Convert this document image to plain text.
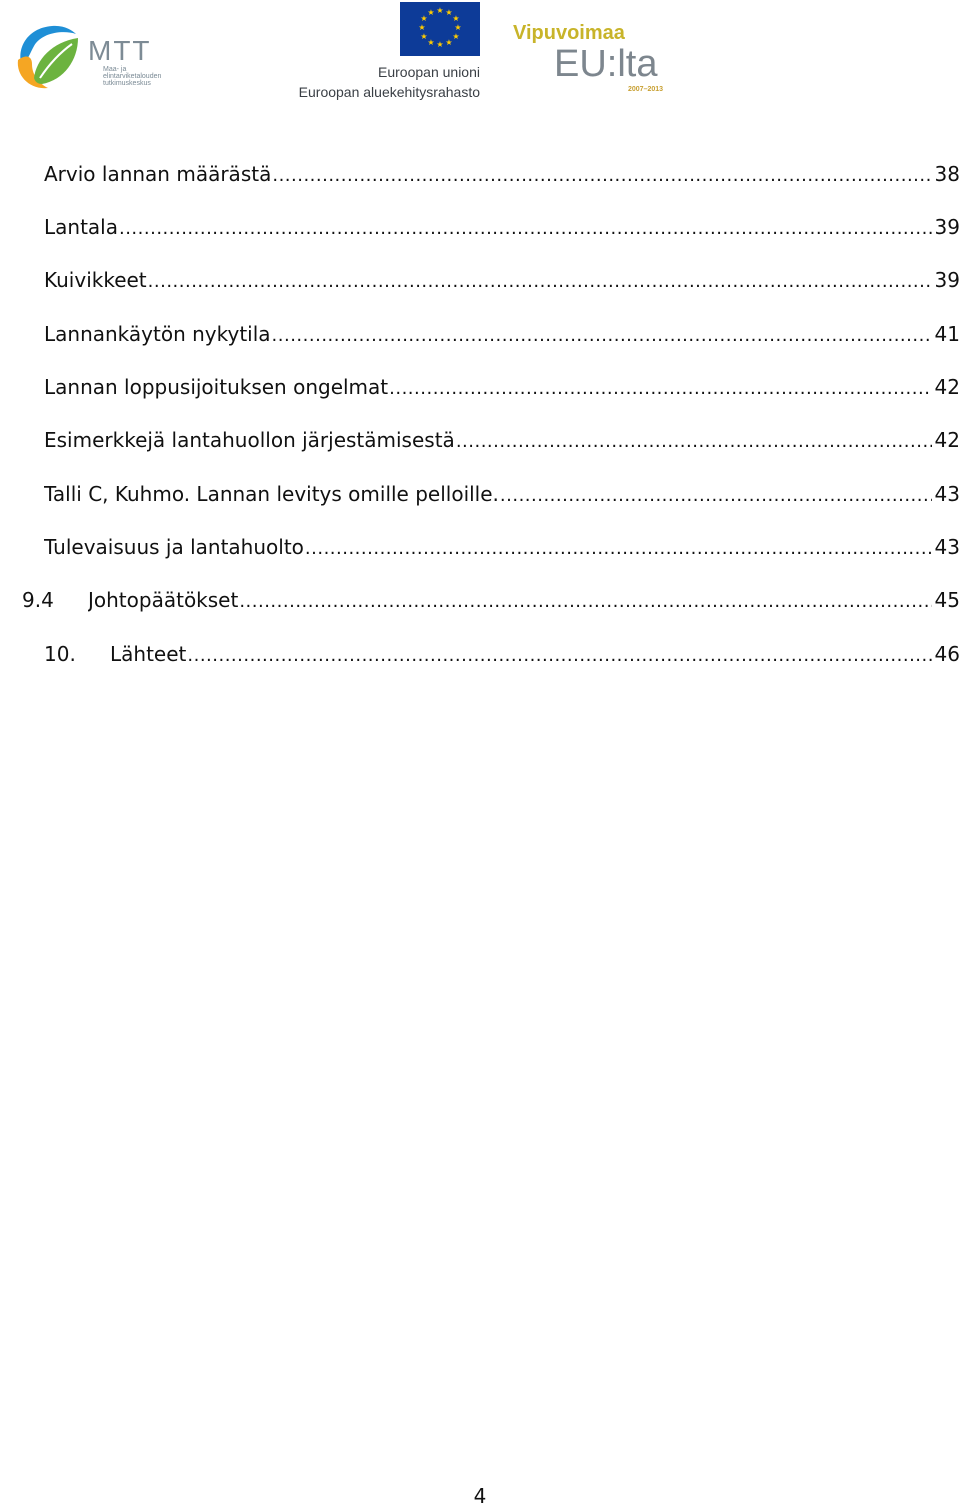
MTT
Maa- ja
elintarviketalouden
tutkimuskeskus
★ ★
★
★
★
★
★
★
★
★
★
★
Euroopan unioni
Euroopan aluekehitysrahasto
Vipuvoimaa
EU:lta
2007–2013
Arvio lannan määrästä .....	38
Lantala .....	39
Kuivikkeet .....	39
Lannankäytön nykytila .....	41
Lannan loppusijoituksen ongelmat .....	42
Esimerkkejä lantahuollon järjestämisestä .....	42
Talli C, Kuhmo. Lannan levitys omille pelloille. .....	43
Tulevaisuus ja lantahuolto .....	43
9.4 Johtopäätökset .....	45
10. Lähteet .....	46
4
